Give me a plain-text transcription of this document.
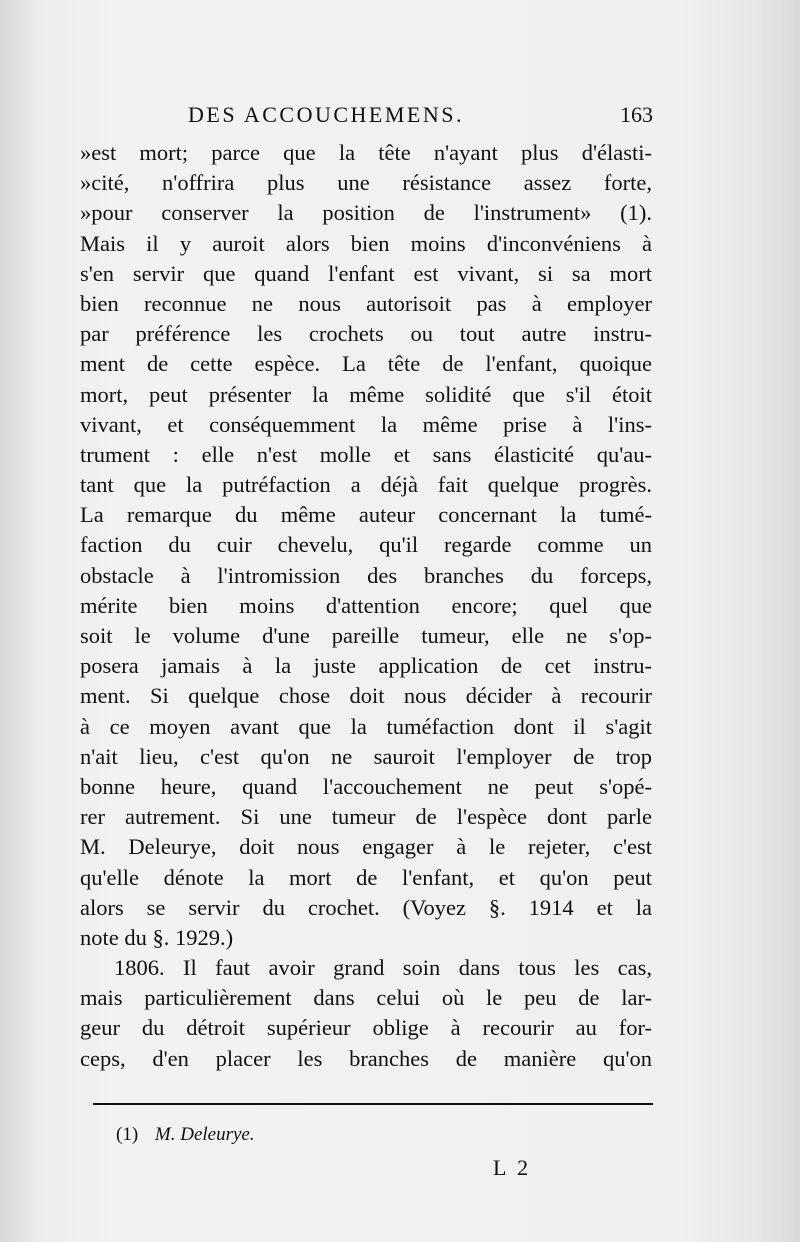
DES ACCOUCHEMENS.	163
»est mort; parce que la tête n'ayant plus d'élasti-
»cité, n'offrira plus une résistance assez forte,
»pour conserver la position de l'instrument» (1).
Mais il y auroit alors bien moins d'inconvéniens à
s'en servir que quand l'enfant est vivant, si sa mort
bien reconnue ne nous autorisoit pas à employer
par préférence les crochets ou tout autre instru-
ment de cette espèce. La tête de l'enfant, quoique
mort, peut présenter la même solidité que s'il étoit
vivant, et conséquemment la même prise à l'ins-
trument : elle n'est molle et sans élasticité qu'au-
tant que la putréfaction a déjà fait quelque progrès.
La remarque du même auteur concernant la tumé-
faction du cuir chevelu, qu'il regarde comme un
obstacle à l'intromission des branches du forceps,
mérite bien moins d'attention encore; quel que
soit le volume d'une pareille tumeur, elle ne s'op-
posera jamais à la juste application de cet instru-
ment. Si quelque chose doit nous décider à recourir
à ce moyen avant que la tuméfaction dont il s'agit
n'ait lieu, c'est qu'on ne sauroit l'employer de trop
bonne heure, quand l'accouchement ne peut s'opé-
rer autrement. Si une tumeur de l'espèce dont parle
M. Deleurye, doit nous engager à le rejeter, c'est
qu'elle dénote la mort de l'enfant, et qu'on peut
alors se servir du crochet. (Voyez §. 1914 et la
note du §. 1929.)
1806. Il faut avoir grand soin dans tous les cas,
mais particulièrement dans celui où le peu de lar-
geur du détroit supérieur oblige à recourir au for-
ceps, d'en placer les branches de manière qu'on
(1) M. Deleurye.
L 2
